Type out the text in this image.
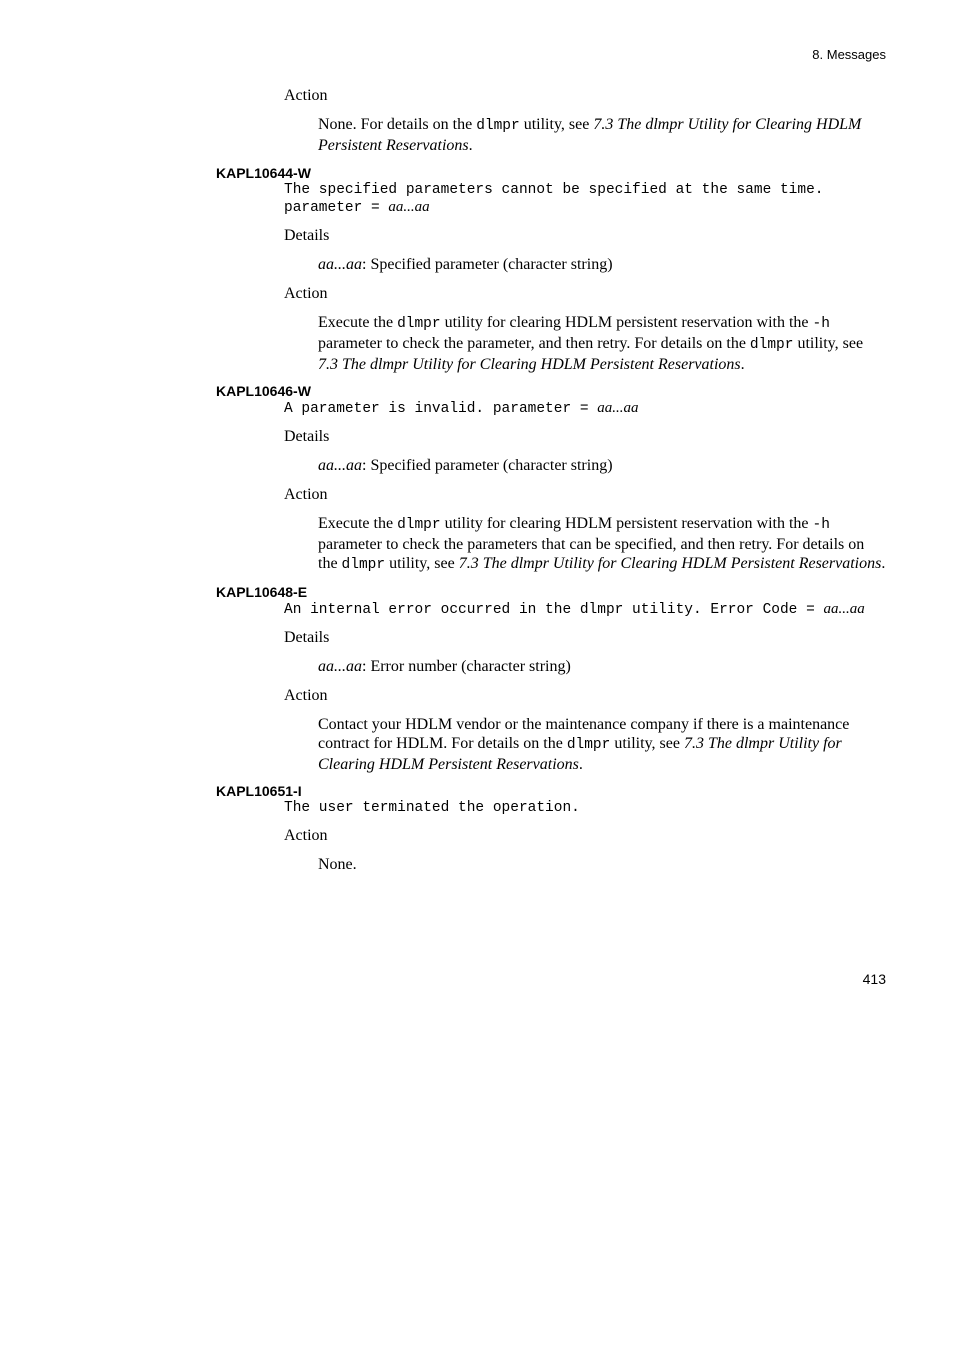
8. Messages
Action
None. For details on the dlmpr utility, see 7.3 The dlmpr Utility for Clearing HDLM Persistent Reservations.
KAPL10644-W
The specified parameters cannot be specified at the same time. parameter = aa...aa
Details
aa...aa: Specified parameter (character string)
Action
Execute the dlmpr utility for clearing HDLM persistent reservation with the -h parameter to check the parameter, and then retry. For details on the dlmpr utility, see 7.3 The dlmpr Utility for Clearing HDLM Persistent Reservations.
KAPL10646-W
A parameter is invalid. parameter = aa...aa
Details
aa...aa: Specified parameter (character string)
Action
Execute the dlmpr utility for clearing HDLM persistent reservation with the -h parameter to check the parameters that can be specified, and then retry. For details on the dlmpr utility, see 7.3 The dlmpr Utility for Clearing HDLM Persistent Reservations.
KAPL10648-E
An internal error occurred in the dlmpr utility. Error Code = aa...aa
Details
aa...aa: Error number (character string)
Action
Contact your HDLM vendor or the maintenance company if there is a maintenance contract for HDLM. For details on the dlmpr utility, see 7.3 The dlmpr Utility for Clearing HDLM Persistent Reservations.
KAPL10651-I
The user terminated the operation.
Action
None.
413
